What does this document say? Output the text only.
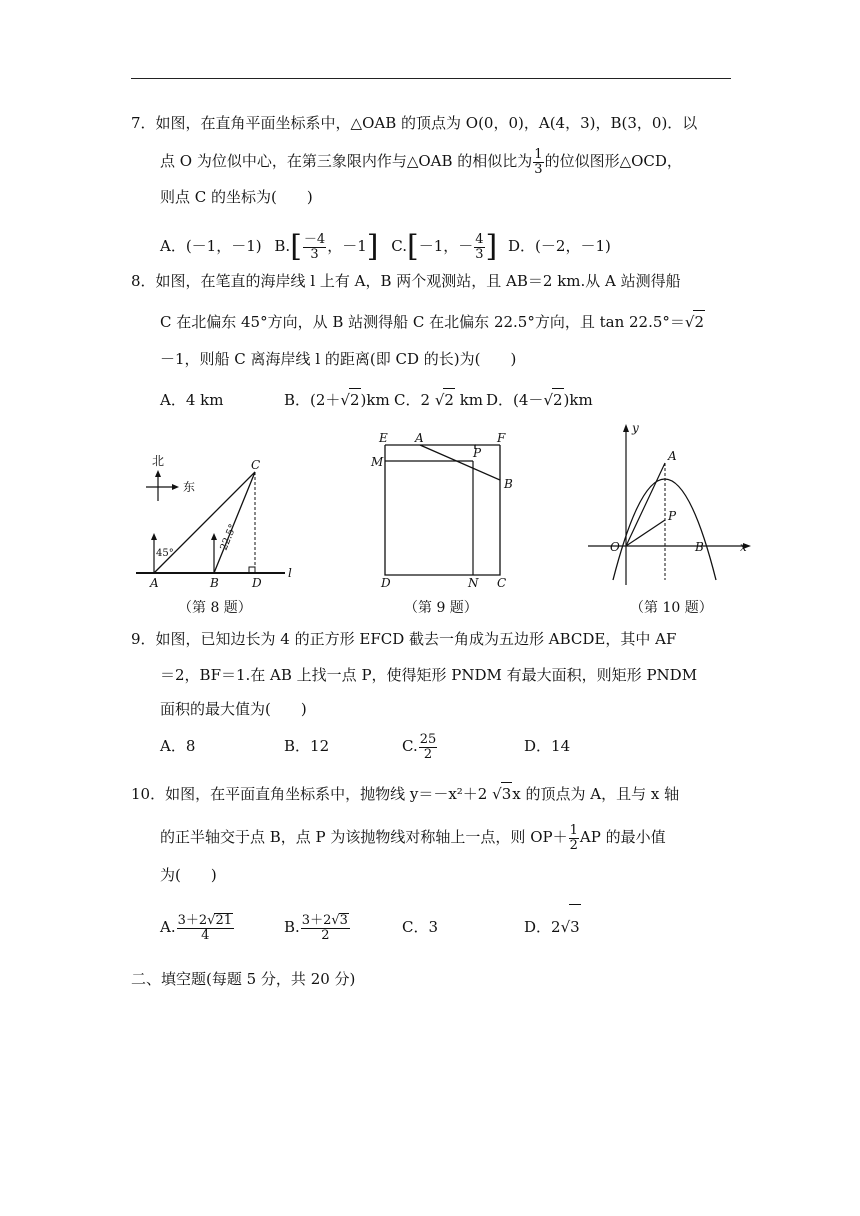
7．如图，在直角平面坐标系中，△OAB 的顶点为 O(0，0)，A(4，3)，B(3，0)．以
点 O 为位似中心，在第三象限内作与△OAB 的相似比为 $\frac{1}{3}$ 的位似图形△OCD，
则点 C 的坐标为(　　)
A．(－1，－1) $B.[ \frac{-4}{3}$ ，－1] C.[－1，－ $\frac{4}{3}$ ] D．(－2，－1)
8．如图，在笔直的海岸线 l 上有 A，B 两个观测站，且 AB＝2 km.从 A 站测得船
C 在北偏东 45°方向，从 B 站测得船 C 在北偏东 22.5°方向，且 tan 22.5°＝√2
－1，则船 C 离海岸线 l 的距离(即 CD 的长)为(　　)
A．4 km	B．(2＋√2)km C．2 √2 km D．(4－√2)km
北
东
45°
22.5°
A	B
C
D
l
（第 8 题）
E A	F
P
B
M
D	N C
（第 9 题）
y
A
P
O	B	x
（第 10 题）
9．如图，已知边长为 4 的正方形 EFCD 截去一角成为五边形 ABCDE，其中 AF
＝2，BF＝1.在 AB 上找一点 P，使得矩形 PNDM 有最大面积，则矩形 PNDM
面积的最大值为(　　)
A．8	B．12	C. $\frac{25}{2}$	D．14
10．如图，在平面直角坐标系中，抛物线 y＝－x²＋2 √3x 的顶点为 A，且与 x 轴
的正半轴交于点 B，点 P 为该抛物线对称轴上一点，则 $OP+ \frac{1}{2}$ AP 的最小值
为(　　)
A. $\frac{3+2√21}{4}$	B. $\frac{3+2√3}{2}$	C．3	D．2√3
二、填空题(每题 5 分，共 20 分)
